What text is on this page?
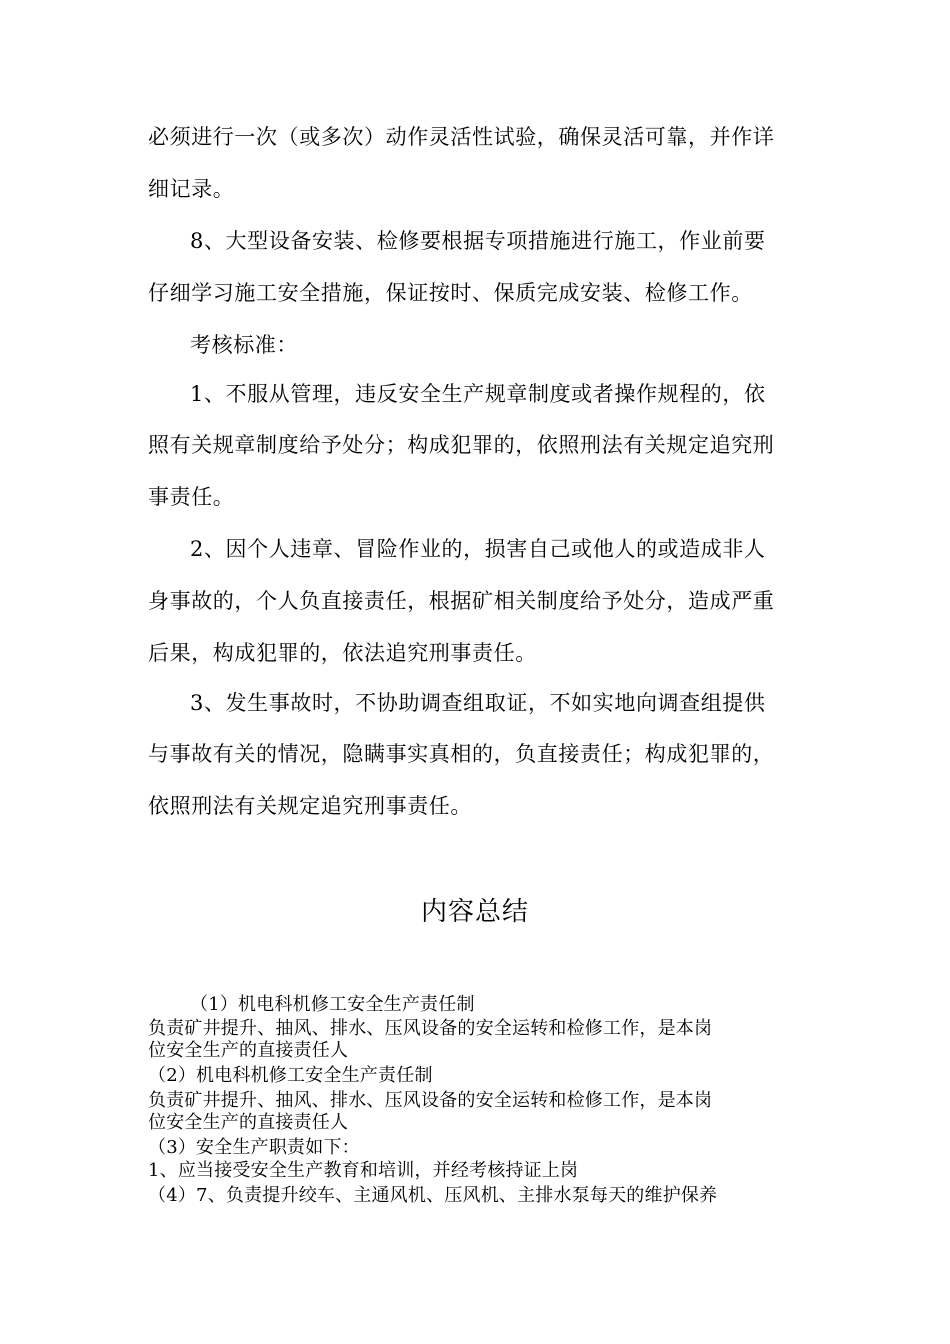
必须进行一次（或多次）动作灵活性试验，确保灵活可靠，并作详
细记录。
8、大型设备安装、检修要根据专项措施进行施工，作业前要
仔细学习施工安全措施，保证按时、保质完成安装、检修工作。
考核标准：
1、不服从管理，违反安全生产规章制度或者操作规程的，依
照有关规章制度给予处分；构成犯罪的，依照刑法有关规定追究刑
事责任。
2、因个人违章、冒险作业的，损害自己或他人的或造成非人
身事故的，个人负直接责任，根据矿相关制度给予处分，造成严重
后果，构成犯罪的，依法追究刑事责任。
3、发生事故时，不协助调查组取证，不如实地向调查组提供
与事故有关的情况，隐瞒事实真相的，负直接责任；构成犯罪的，
依照刑法有关规定追究刑事责任。
内容总结
（1）机电科机修工安全生产责任制
负责矿井提升、抽风、排水、压风设备的安全运转和检修工作，是本岗
位安全生产的直接责任人
（2）机电科机修工安全生产责任制
负责矿井提升、抽风、排水、压风设备的安全运转和检修工作，是本岗
位安全生产的直接责任人
（3）安全生产职责如下：
1、应当接受安全生产教育和培训，并经考核持证上岗
（4）7、负责提升绞车、主通风机、压风机、主排水泵每天的维护保养
